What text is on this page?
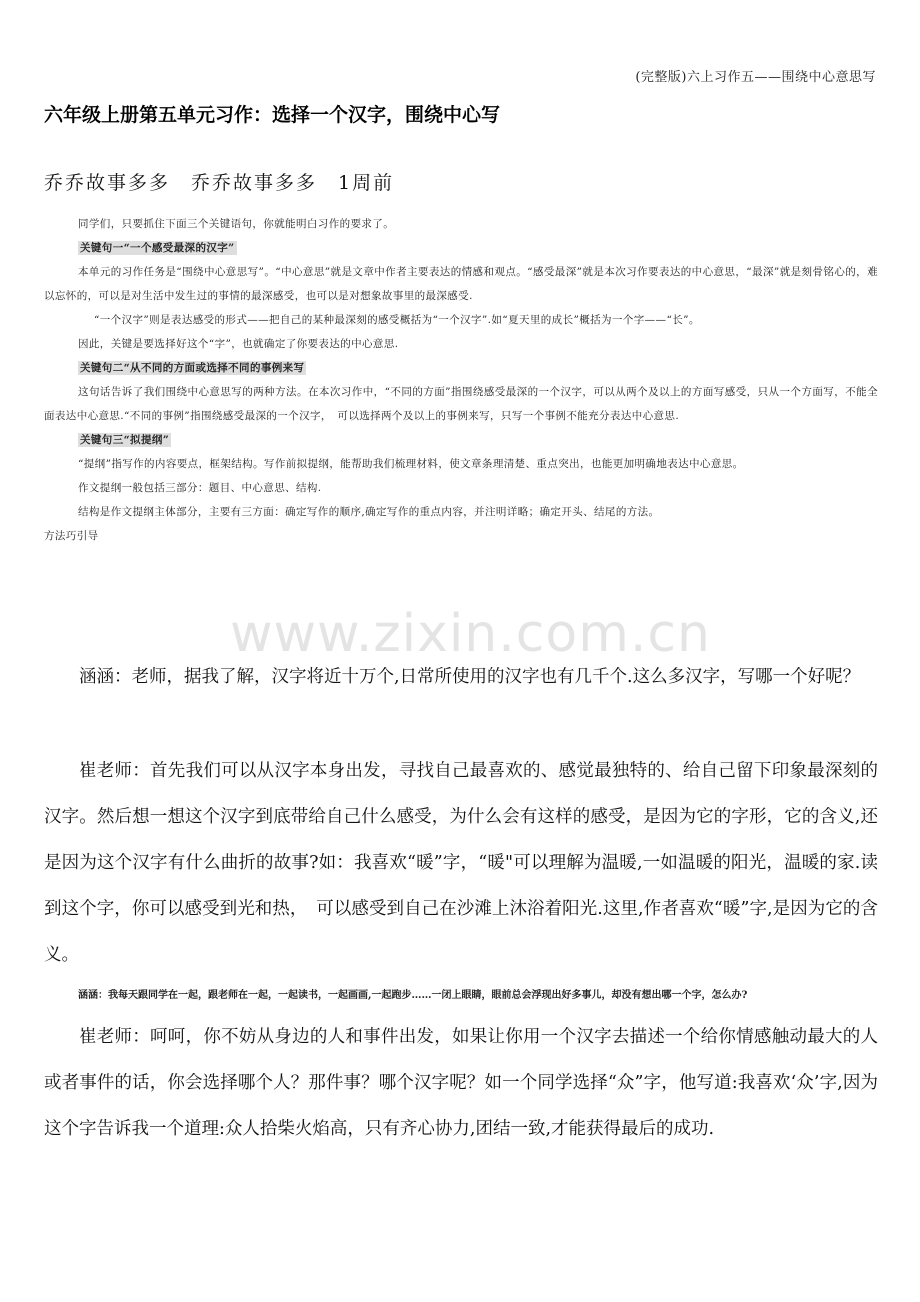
(完整版)六上习作五——围绕中心意思写
六年级上册第五单元习作：选择一个汉字，围绕中心写
乔乔故事多多　乔乔故事多多　1周前

同学们，只要抓住下面三个关键语句，你就能明白习作的要求了。

关键句一“一个感受最深的汉字”

本单元的习作任务是“围绕中心意思写”。“中心意思”就是文章中作者主要表达的情感和观点。“感受最深”就是本次习作要表达的中心意思，“最深”就是刻骨铭心的，难以忘怀的，可以是对生活中发生过的事情的最深感受，也可以是对想象故事里的最深感受.

“一个汉字”则是表达感受的形式——把自己的某种最深刻的感受概括为“一个汉字”.如“夏天里的成长”概括为一个字——“长”。

因此，关键是要选择好这个“字”，也就确定了你要表达的中心意思.

关键句二“从不同的方面或选择不同的事例来写

这句话告诉了我们围绕中心意思写的两种方法。在本次习作中，“不同的方面”指围绕感受最深的一个汉字，可以从两个及以上的方面写感受，只从一个方面写，不能全面表达中心意思.“不同的事例”指围绕感受最深的一个汉字，　可以选择两个及以上的事例来写，只写一个事例不能充分表达中心意思.

关键句三“拟提纲”

“提纲”指写作的内容要点，框架结构。写作前拟提纲，能帮助我们梳理材料，使文章条理清楚、重点突出，也能更加明确地表达中心意思。

作文提纲一般包括三部分：题目、中心意思、结构.

结构是作文提纲主体部分，主要有三方面：确定写作的顺序,确定写作的重点内容，并注明详略；确定开头、结尾的方法。

方法巧引导

www.zixin.com.cn

涵涵：老师，据我了解，汉字将近十万个,日常所使用的汉字也有几千个.这么多汉字，写哪一个好呢？

崔老师：首先我们可以从汉字本身出发，寻找自己最喜欢的、感觉最独特的、给自己留下印象最深刻的汉字。然后想一想这个汉字到底带给自己什么感受，为什么会有这样的感受，是因为它的字形，它的含义,还是因为这个汉字有什么曲折的故事?如：我喜欢“暖”字，“暖"可以理解为温暖,一如温暖的阳光，温暖的家.读到这个字，你可以感受到光和热，　可以感受到自己在沙滩上沐浴着阳光.这里,作者喜欢“暖”字,是因为它的含义。

涵涵：我每天跟同学在一起，跟老师在一起，一起读书，一起画画,一起跑步……一闭上眼睛，眼前总会浮现出好多事儿，却没有想出哪一个字，怎么办?

崔老师：呵呵，你不妨从身边的人和事件出发，如果让你用一个汉字去描述一个给你情感触动最大的人或者事件的话，你会选择哪个人？那件事？哪个汉字呢？如一个同学选择“众”字，他写道:我喜欢‘众’字,因为这个字告诉我一个道理:众人拾柴火焰高，只有齐心协力,团结一致,才能获得最后的成功.
